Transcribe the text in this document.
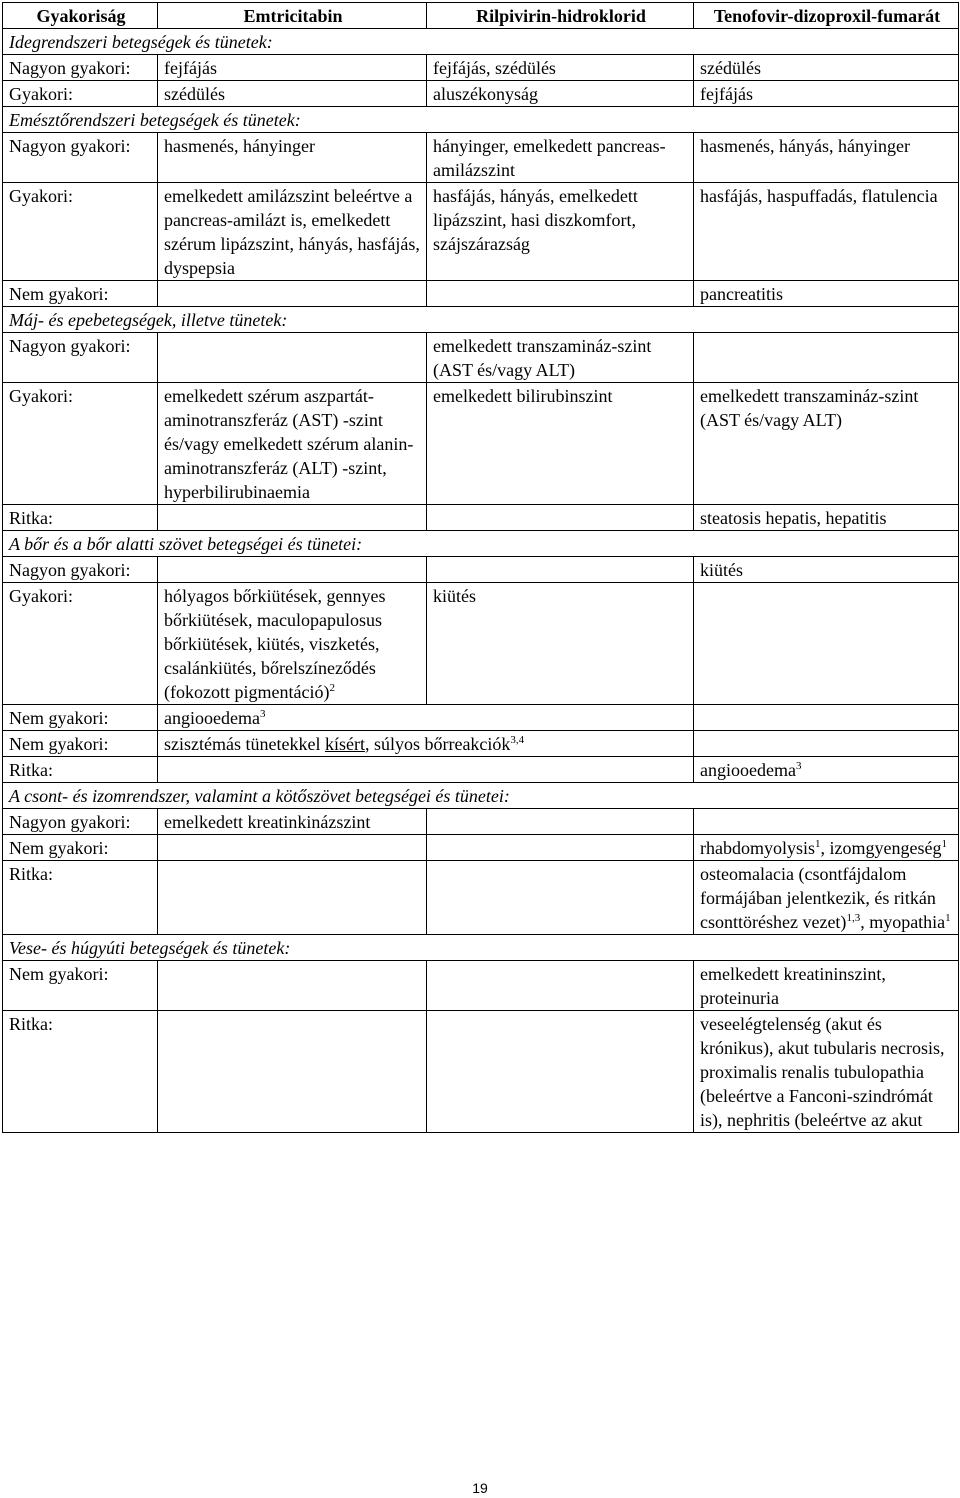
Gyakoriság	Emtricitabin	Rilpivirin-hidroklorid	Tenofovir-dizoproxil-fumarát
Idegrendszeri betegségek és tünetek:			
Nagyon gyakori:	fejfájás	fejfájás, szédülés	szédülés
Gyakori:	szédülés	aluszékonyság	fejfájás
Emésztőrendszeri betegségek és tünetek:			
Nagyon gyakori:	hasmenés, hányinger	hányinger, emelkedett pancreas-amilázszint	hasmenés, hányás, hányinger
Gyakori:	emelkedett amilázszint beleértve a pancreas-amilázt is, emelkedett szérum lipázszint, hányás, hasfájás, dyspepsia	hasfájás, hányás, emelkedett lipázszint, hasi diszkomfort, szájszárazság	hasfájás, haspuffadás, flatulencia
Nem gyakori:			pancreatitis
Máj- és epebetegségek, illetve tünetek:			
Nagyon gyakori:		emelkedett transzamináz-szint (AST és/vagy ALT)	
Gyakori:	emelkedett szérum aszpartát-aminotranszferáz (AST) -szint és/vagy emelkedett szérum alanin-aminotranszferáz (ALT) -szint, hyperbilirubinaemia	emelkedett bilirubinszint	emelkedett transzamináz-szint (AST és/vagy ALT)
Ritka:			steatosis hepatis, hepatitis
A bőr és a bőr alatti szövet betegségei és tünetei:			
Nagyon gyakori:			kiütés
Gyakori:	hólyagos bőrkiütések, gennyes bőrkiütések, maculopapulosus bőrkiütések, kiütés, viszketés, csalánkiütés, bőrelszíneződés (fokozott pigmentáció)$^2$	kiütés	
Nem gyakori:	angiooedema$^3$	
Nem gyakori:	szisztémás tünetekkel kísért, súlyos bőrreakciók$^{3,4}$	
Ritka:			angiooedema$^3$
A csont- és izomrendszer, valamint a kötőszövet betegségei és tünetei:			
Nagyon gyakori:	emelkedett kreatinkinázszint		
Nem gyakori:			rhabdomyolysis$^1$, izomgyengeség$^1$
Ritka:			osteomalacia (csontfájdalom formájában jelentkezik, és ritkán csonttöréshez vezet)$^{1,3}$, myopathia$^1$
Vese- és húgyúti betegségek és tünetek:			
Nem gyakori:			emelkedett kreatininszint, proteinuria
Ritka:			veseelégtelenség (akut és krónikus), akut tubularis necrosis, proximalis renalis tubulopathia (beleértve a Fanconi-szindrómát is), nephritis (beleértve az akut
19
